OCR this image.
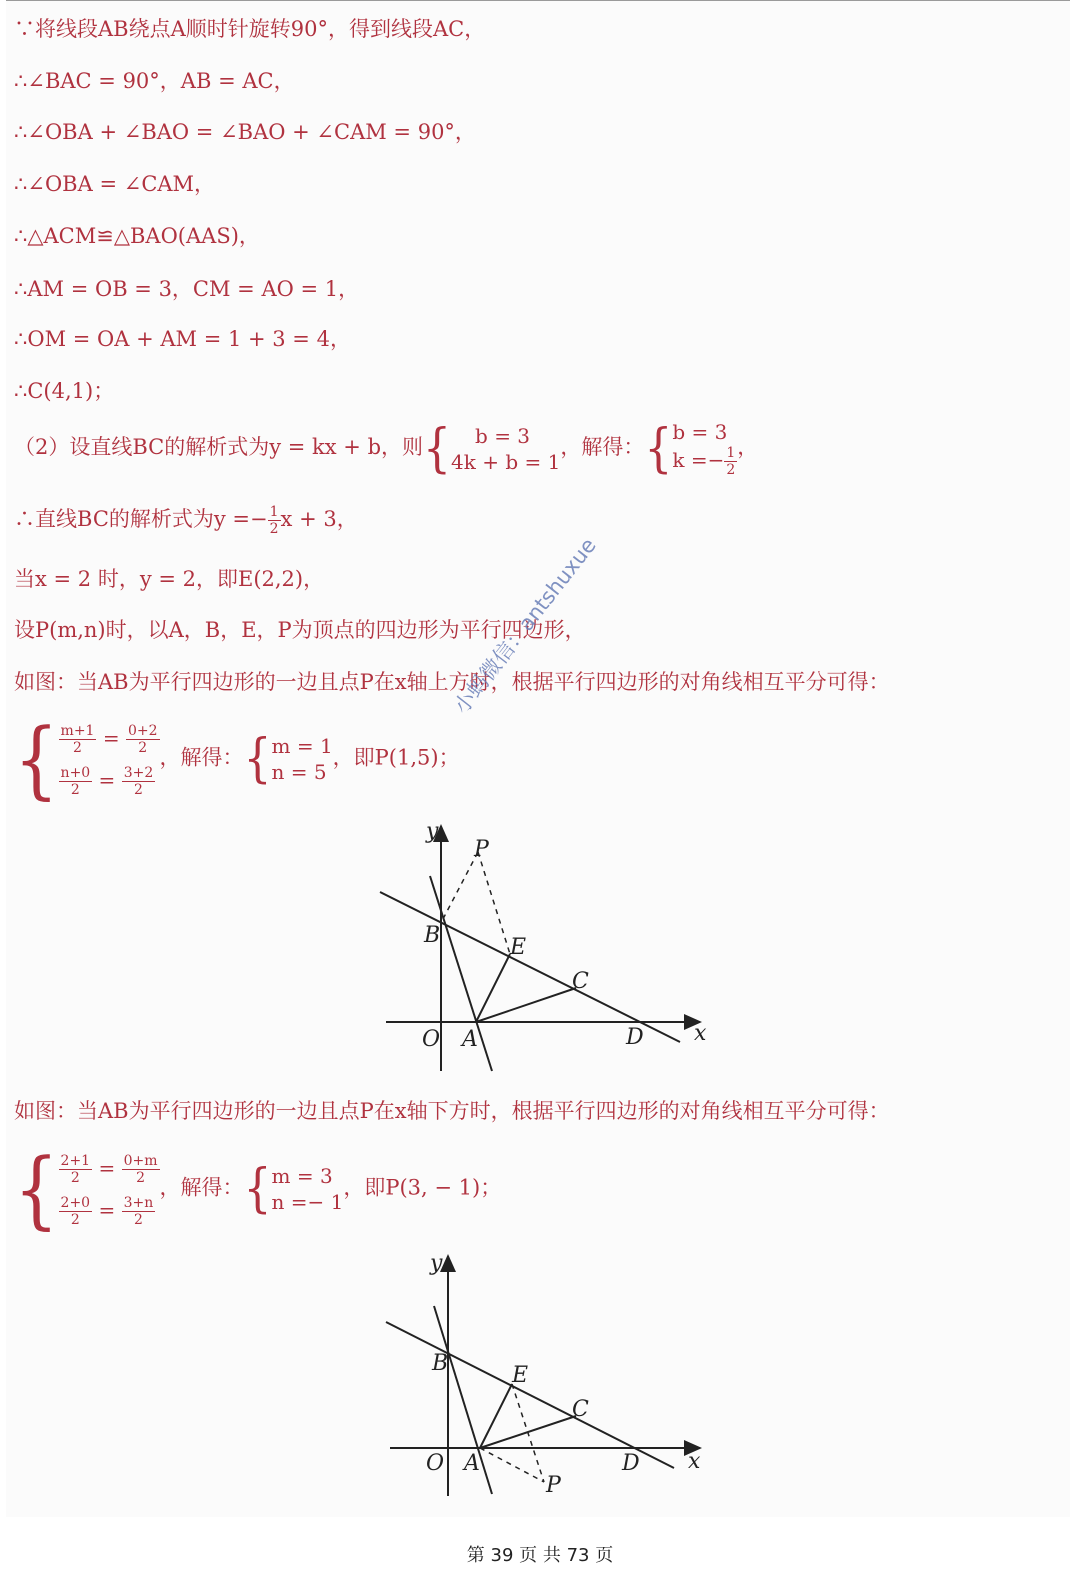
∵将线段AB绕点A顺时针旋转90°，得到线段AC，
∴∠BAC = 90°，AB = AC，
∴∠OBA + ∠BAO = ∠BAO + ∠CAM = 90°，
∴∠OBA = ∠CAM，
∴△ACM≌△BAO(AAS)，
∴AM = OB = 3，CM = AO = 1，
∴OM = OA + AM = 1 + 3 = 4，
∴C(4,1)；
（2）设直线BC的解析式为y = kx + b，则{	b = 3
4k + b = 1
，解得：{ b = 3
$k =- \frac{1}{2}$ ，
∴直线BC的解析式为$y =- \frac{1}{2}$ x + 3，
当x = 2 时，y = 2，即E(2,2)，
设P(m,n)时，以A，B，E，P为顶点的四边形为平行四边形，
如图：当AB为平行四边形的一边且点P在x轴上方时，根据平行四边形的对角线相互平分可得：
{ $\frac{m+1}{2} = \frac{0+2}{2}$
$\frac{n+0}{2} = \frac{3+2}{2}$
，解得：{ m = 1
n = 5
，即P(1,5)；
y
x
O A
B	E
C
D
P
如图：当AB为平行四边形的一边且点P在x轴下方时，根据平行四边形的对角线相互平分可得：
{ $\frac{2+1}{2} = \frac{0+m}{2}$
$\frac{2+0}{2} = \frac{3+n}{2}$
，解得：{ m = 3
n =− 1
，即P(3, − 1)；
y
x
O A
B	E
C
D
P
小蚂微信：antshuxue
第 39 页 共 73 页
